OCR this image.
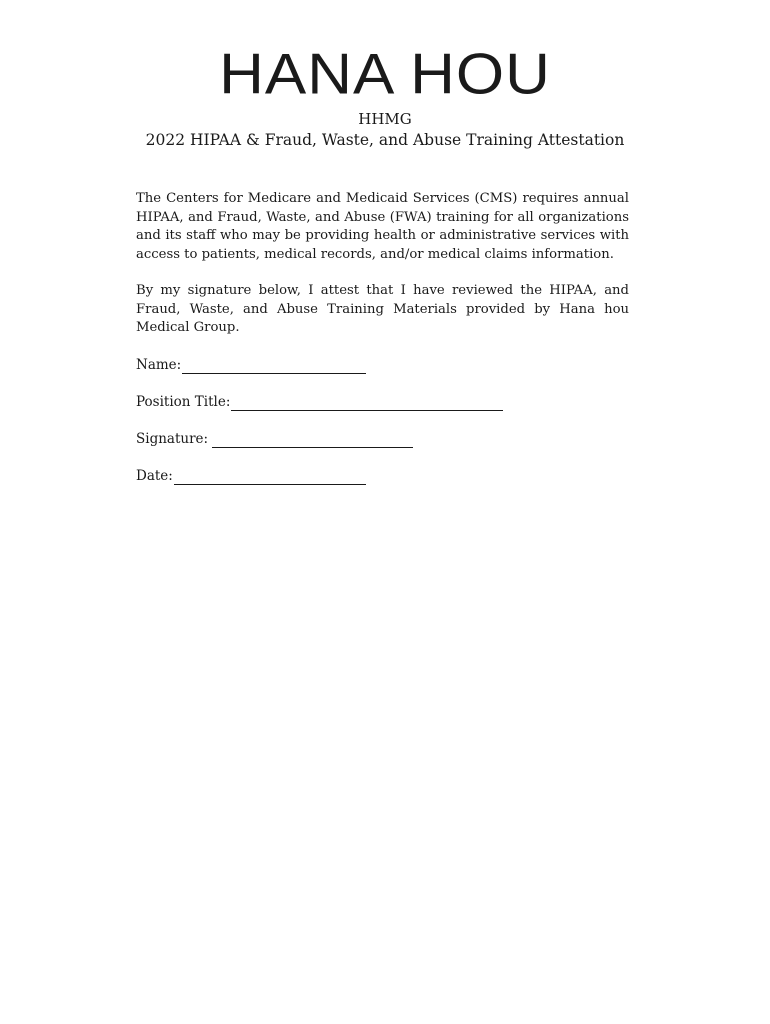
HANA HOU
HHMG
2022 HIPAA & Fraud, Waste, and Abuse Training Attestation

The Centers for Medicare and Medicaid Services (CMS) requires annual HIPAA, and Fraud, Waste, and Abuse (FWA) training for all organizations and its staff who may be providing health or administrative services with access to patients, medical records, and/or medical claims information.

By my signature below, I attest that I have reviewed the HIPAA, and Fraud, Waste, and Abuse Training Materials provided by Hana hou Medical Group.

Name:
Position Title:
Signature:
Date:
